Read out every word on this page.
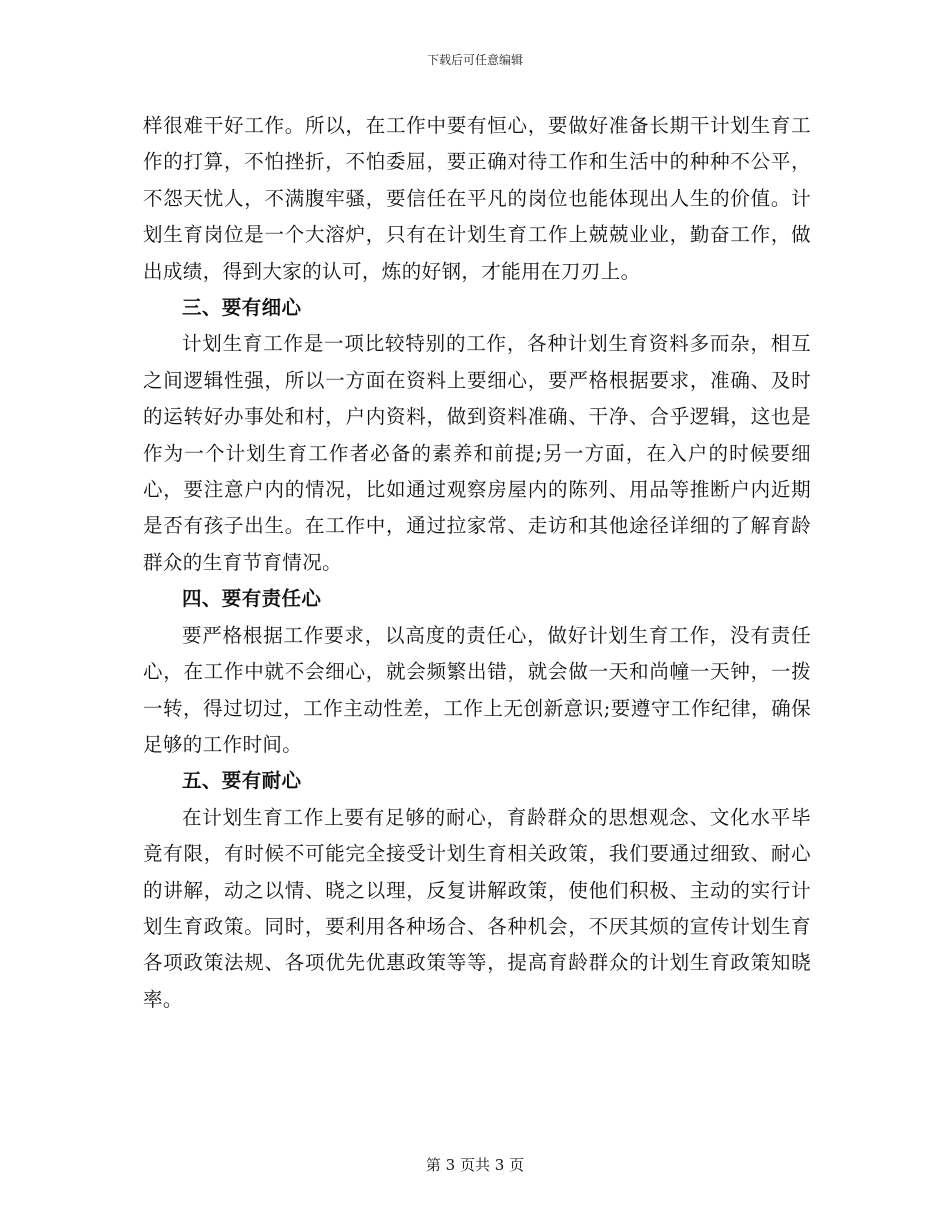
下载后可任意编辑

样很难干好工作。所以，在工作中要有恒心，要做好准备长期干计划生育工作的打算，不怕挫折，不怕委屈，要正确对待工作和生活中的种种不公平，不怨天忧人，不满腹牢骚，要信任在平凡的岗位也能体现出人生的价值。计划生育岗位是一个大溶炉，只有在计划生育工作上兢兢业业，勤奋工作，做出成绩，得到大家的认可，炼的好钢，才能用在刀刃上。

三、要有细心

计划生育工作是一项比较特别的工作，各种计划生育资料多而杂，相互之间逻辑性强，所以一方面在资料上要细心，要严格根据要求，准确、及时的运转好办事处和村，户内资料，做到资料准确、干净、合乎逻辑，这也是作为一个计划生育工作者必备的素养和前提;另一方面，在入户的时候要细心，要注意户内的情况，比如通过观察房屋内的陈列、用品等推断户内近期是否有孩子出生。在工作中，通过拉家常、走访和其他途径详细的了解育龄群众的生育节育情况。

四、要有责任心

要严格根据工作要求，以高度的责任心，做好计划生育工作，没有责任心，在工作中就不会细心，就会频繁出错，就会做一天和尚幢一天钟，一拨一转，得过切过，工作主动性差，工作上无创新意识;要遵守工作纪律，确保足够的工作时间。

五、要有耐心

在计划生育工作上要有足够的耐心，育龄群众的思想观念、文化水平毕竟有限，有时候不可能完全接受计划生育相关政策，我们要通过细致、耐心的讲解，动之以情、晓之以理，反复讲解政策，使他们积极、主动的实行计划生育政策。同时，要利用各种场合、各种机会，不厌其烦的宣传计划生育各项政策法规、各项优先优惠政策等等，提高育龄群众的计划生育政策知晓率。

第 3 页共 3 页
